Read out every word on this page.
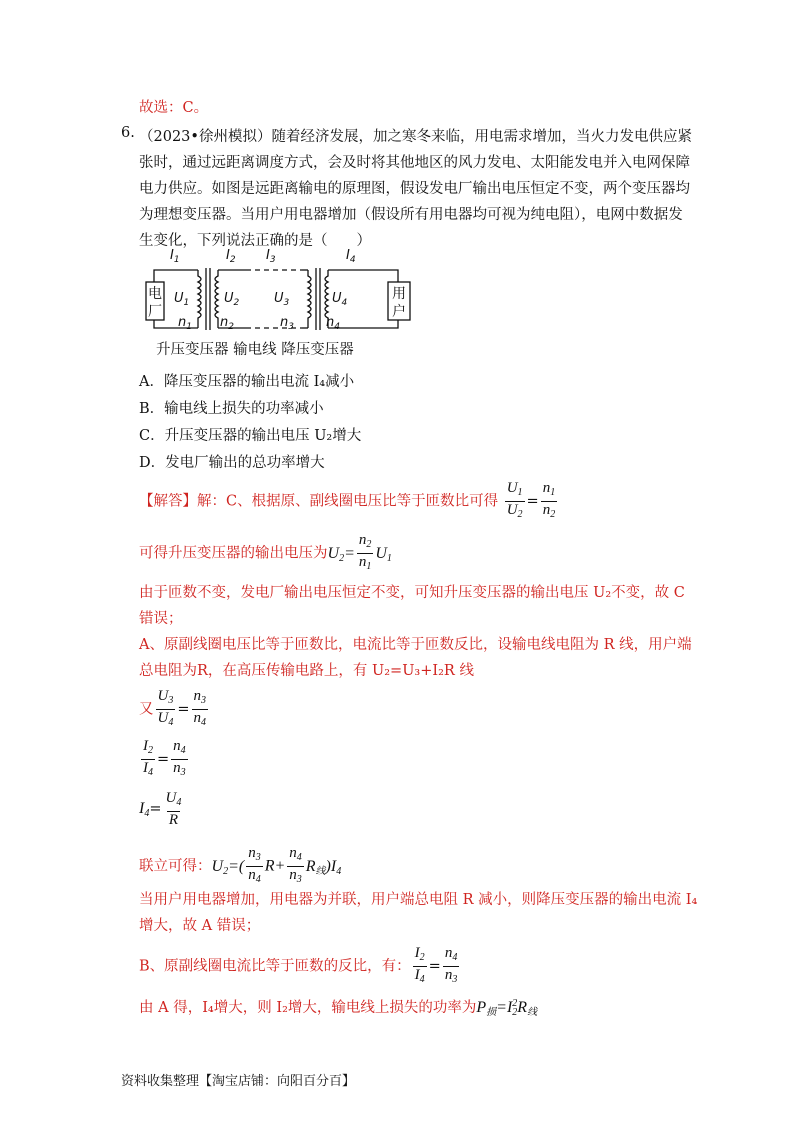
故选：C。
6. （2023•徐州模拟）随着经济发展，加之寒冬来临，用电需求增加，当火力发电供应紧
张时，通过远距离调度方式，会及时将其他地区的风力发电、太阳能发电并入电网保障
电力供应。如图是远距离输电的原理图，假设发电厂输出电压恒定不变，两个变压器均
为理想变压器。当用户用电器增加（假设所有用电器均可视为纯电阻），电网中数据发
生变化，下列说法正确的是（　　）
$I_1$	$I_2$ $I_3$	$I_4$
$U_1$	$U_2$	$U_3$	$U_4$
$n_1$ $n_2$	$n_3$ $n_4$
电
厂
用
户
升压变压器 输电线 降压变压器
A．降压变压器的输出电流 I₄减小
B．输电线上损失的功率减小
C．升压变压器的输出电压 U₂增大
D．发电厂输出的总功率增大
【解答】解：C、根据原、副线圈电压比等于匝数比可得 $\frac{U_1}{U_2} = \frac{n_1}{n_2}$
可得升压变压器的输出电压为$U_2= \frac{n_2}{n_1} U_1$
由于匝数不变，发电厂输出电压恒定不变，可知升压变压器的输出电压 U₂不变，故 C
错误；
A、原副线圈电压比等于匝数比，电流比等于匝数反比，设输电线电阻为 R 线，用户端
总电阻为R，在高压传输电路上，有 U₂=U₃+I₂R 线
又 $\frac{U_3}{U_4} = \frac{n_3}{n_4}$
$\frac{I_2}{I_4} = \frac{n_4}{n_3}$
$I_4= \frac{U_4}{R}$
联立可得：$U_2=( \frac{n_3}{n_4} R+ \frac{n_4}{n_3} R_线)I_4$
当用户用电器增加，用电器为并联，用户端总电阻 R 减小，则降压变压器的输出电流 I₄
增大，故 A 错误；
B、原副线圈电流比等于匝数的反比，有： $\frac{I_2}{I_4} = \frac{n_4}{n_3}$
由 A 得，I₄增大，则 I₂增大，输电线上损失的功率为$P_损=I^2_2R_线$
资料收集整理【淘宝店铺：向阳百分百】
